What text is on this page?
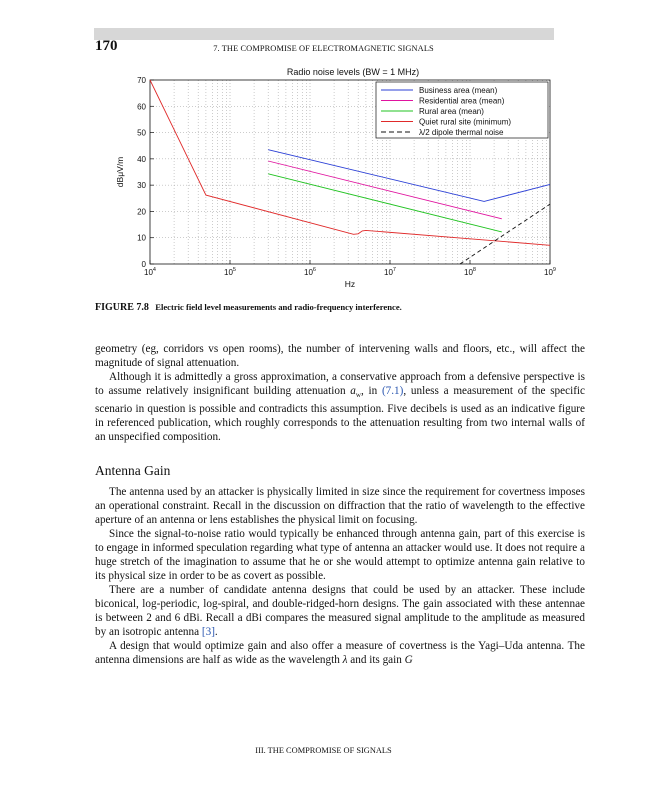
170	7. THE COMPROMISE OF ELECTROMAGNETIC SIGNALS
Radio noise levels (BW = 1 MHz)
0
10
20
30
40
50
60
70
$10^4$	$10^5$	$10^6$	$10^7$	$10^8$	$10^9$
Hz
dBμV/m
Business area (mean)
Residential area (mean)
Rural area (mean)
Quiet rural site (minimum)
λ/2 dipole thermal noise
FIGURE 7.8 Electric field level measurements and radio-frequency interference.

geometry (eg, corridors vs open rooms), the number of intervening walls and floors, etc., will affect the magnitude of signal attenuation.

Although it is admittedly a gross approximation, a conservative approach from a defensive perspective is to assume relatively insignificant building attenuation $a_w$, in (7.1), unless a measurement of the specific scenario in question is possible and contradicts this assumption. Five decibels is used as an indicative figure in referenced publication, which roughly corresponds to the attenuation resulting from two internal walls of an unspecified composition.

Antenna Gain

The antenna used by an attacker is physically limited in size since the requirement for covertness imposes an operational constraint. Recall in the discussion on diffraction that the ratio of wavelength to the effective aperture of an antenna or lens establishes the physical limit on focusing.

Since the signal-to-noise ratio would typically be enhanced through antenna gain, part of this exercise is to engage in informed speculation regarding what type of antenna an attacker would use. It does not require a huge stretch of the imagination to assume that he or she would attempt to optimize antenna gain relative to its physical size in order to be as covert as possible.

There are a number of candidate antenna designs that could be used by an attacker. These include biconical, log-periodic, log-spiral, and double-ridged-horn designs. The gain associated with these antennae is between 2 and 6 dBi. Recall a dBi compares the measured signal amplitude to the amplitude as measured by an isotropic antenna [3].

A design that would optimize gain and also offer a measure of covertness is the Yagi–Uda antenna. The antenna dimensions are half as wide as the wavelength λ and its gain G

III. THE COMPROMISE OF SIGNALS
